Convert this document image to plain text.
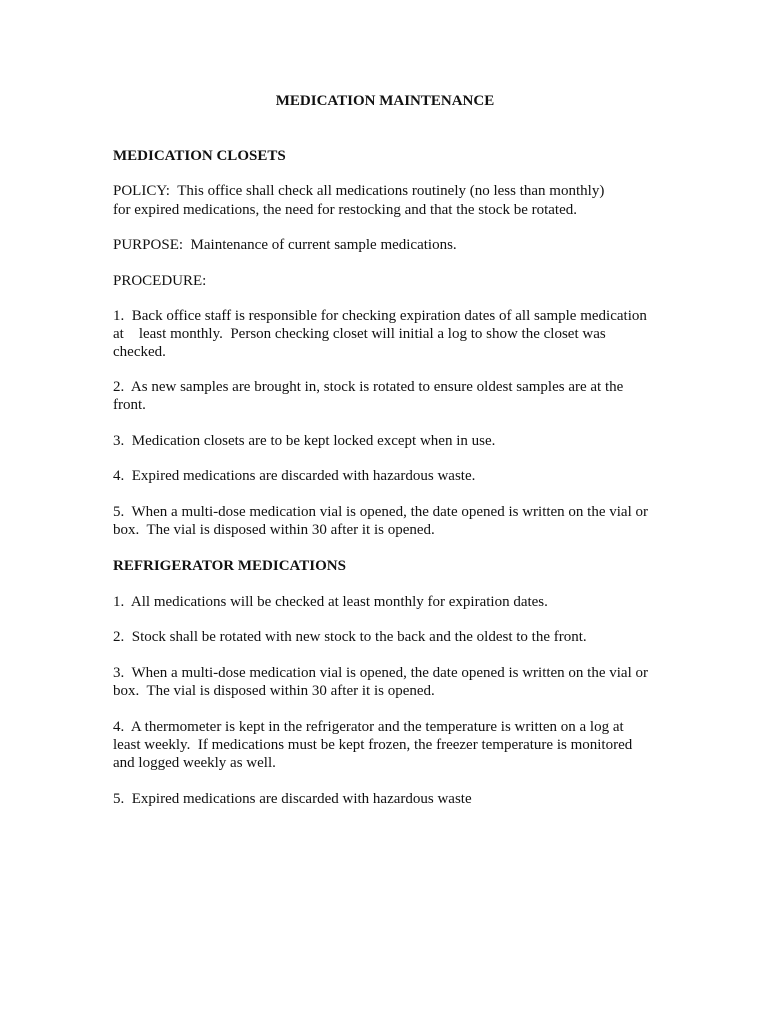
MEDICATION MAINTENANCE
MEDICATION CLOSETS
POLICY:  This office shall check all medications routinely (no less than monthly)
for expired medications, the need for restocking and that the stock be rotated.
PURPOSE:  Maintenance of current sample medications.
PROCEDURE:
1.  Back office staff is responsible for checking expiration dates of all sample medication
at    least monthly.  Person checking closet will initial a log to show the closet was
checked.
2.  As new samples are brought in, stock is rotated to ensure oldest samples are at the
front.
3.  Medication closets are to be kept locked except when in use.
4.  Expired medications are discarded with hazardous waste.
5.  When a multi-dose medication vial is opened, the date opened is written on the vial or
box.  The vial is disposed within 30 after it is opened.
REFRIGERATOR MEDICATIONS
1.  All medications will be checked at least monthly for expiration dates.
2.  Stock shall be rotated with new stock to the back and the oldest to the front.
3.  When a multi-dose medication vial is opened, the date opened is written on the vial or
box.  The vial is disposed within 30 after it is opened.
4.  A thermometer is kept in the refrigerator and the temperature is written on a log at
least weekly.  If medications must be kept frozen, the freezer temperature is monitored
and logged weekly as well.
5.  Expired medications are discarded with hazardous waste
